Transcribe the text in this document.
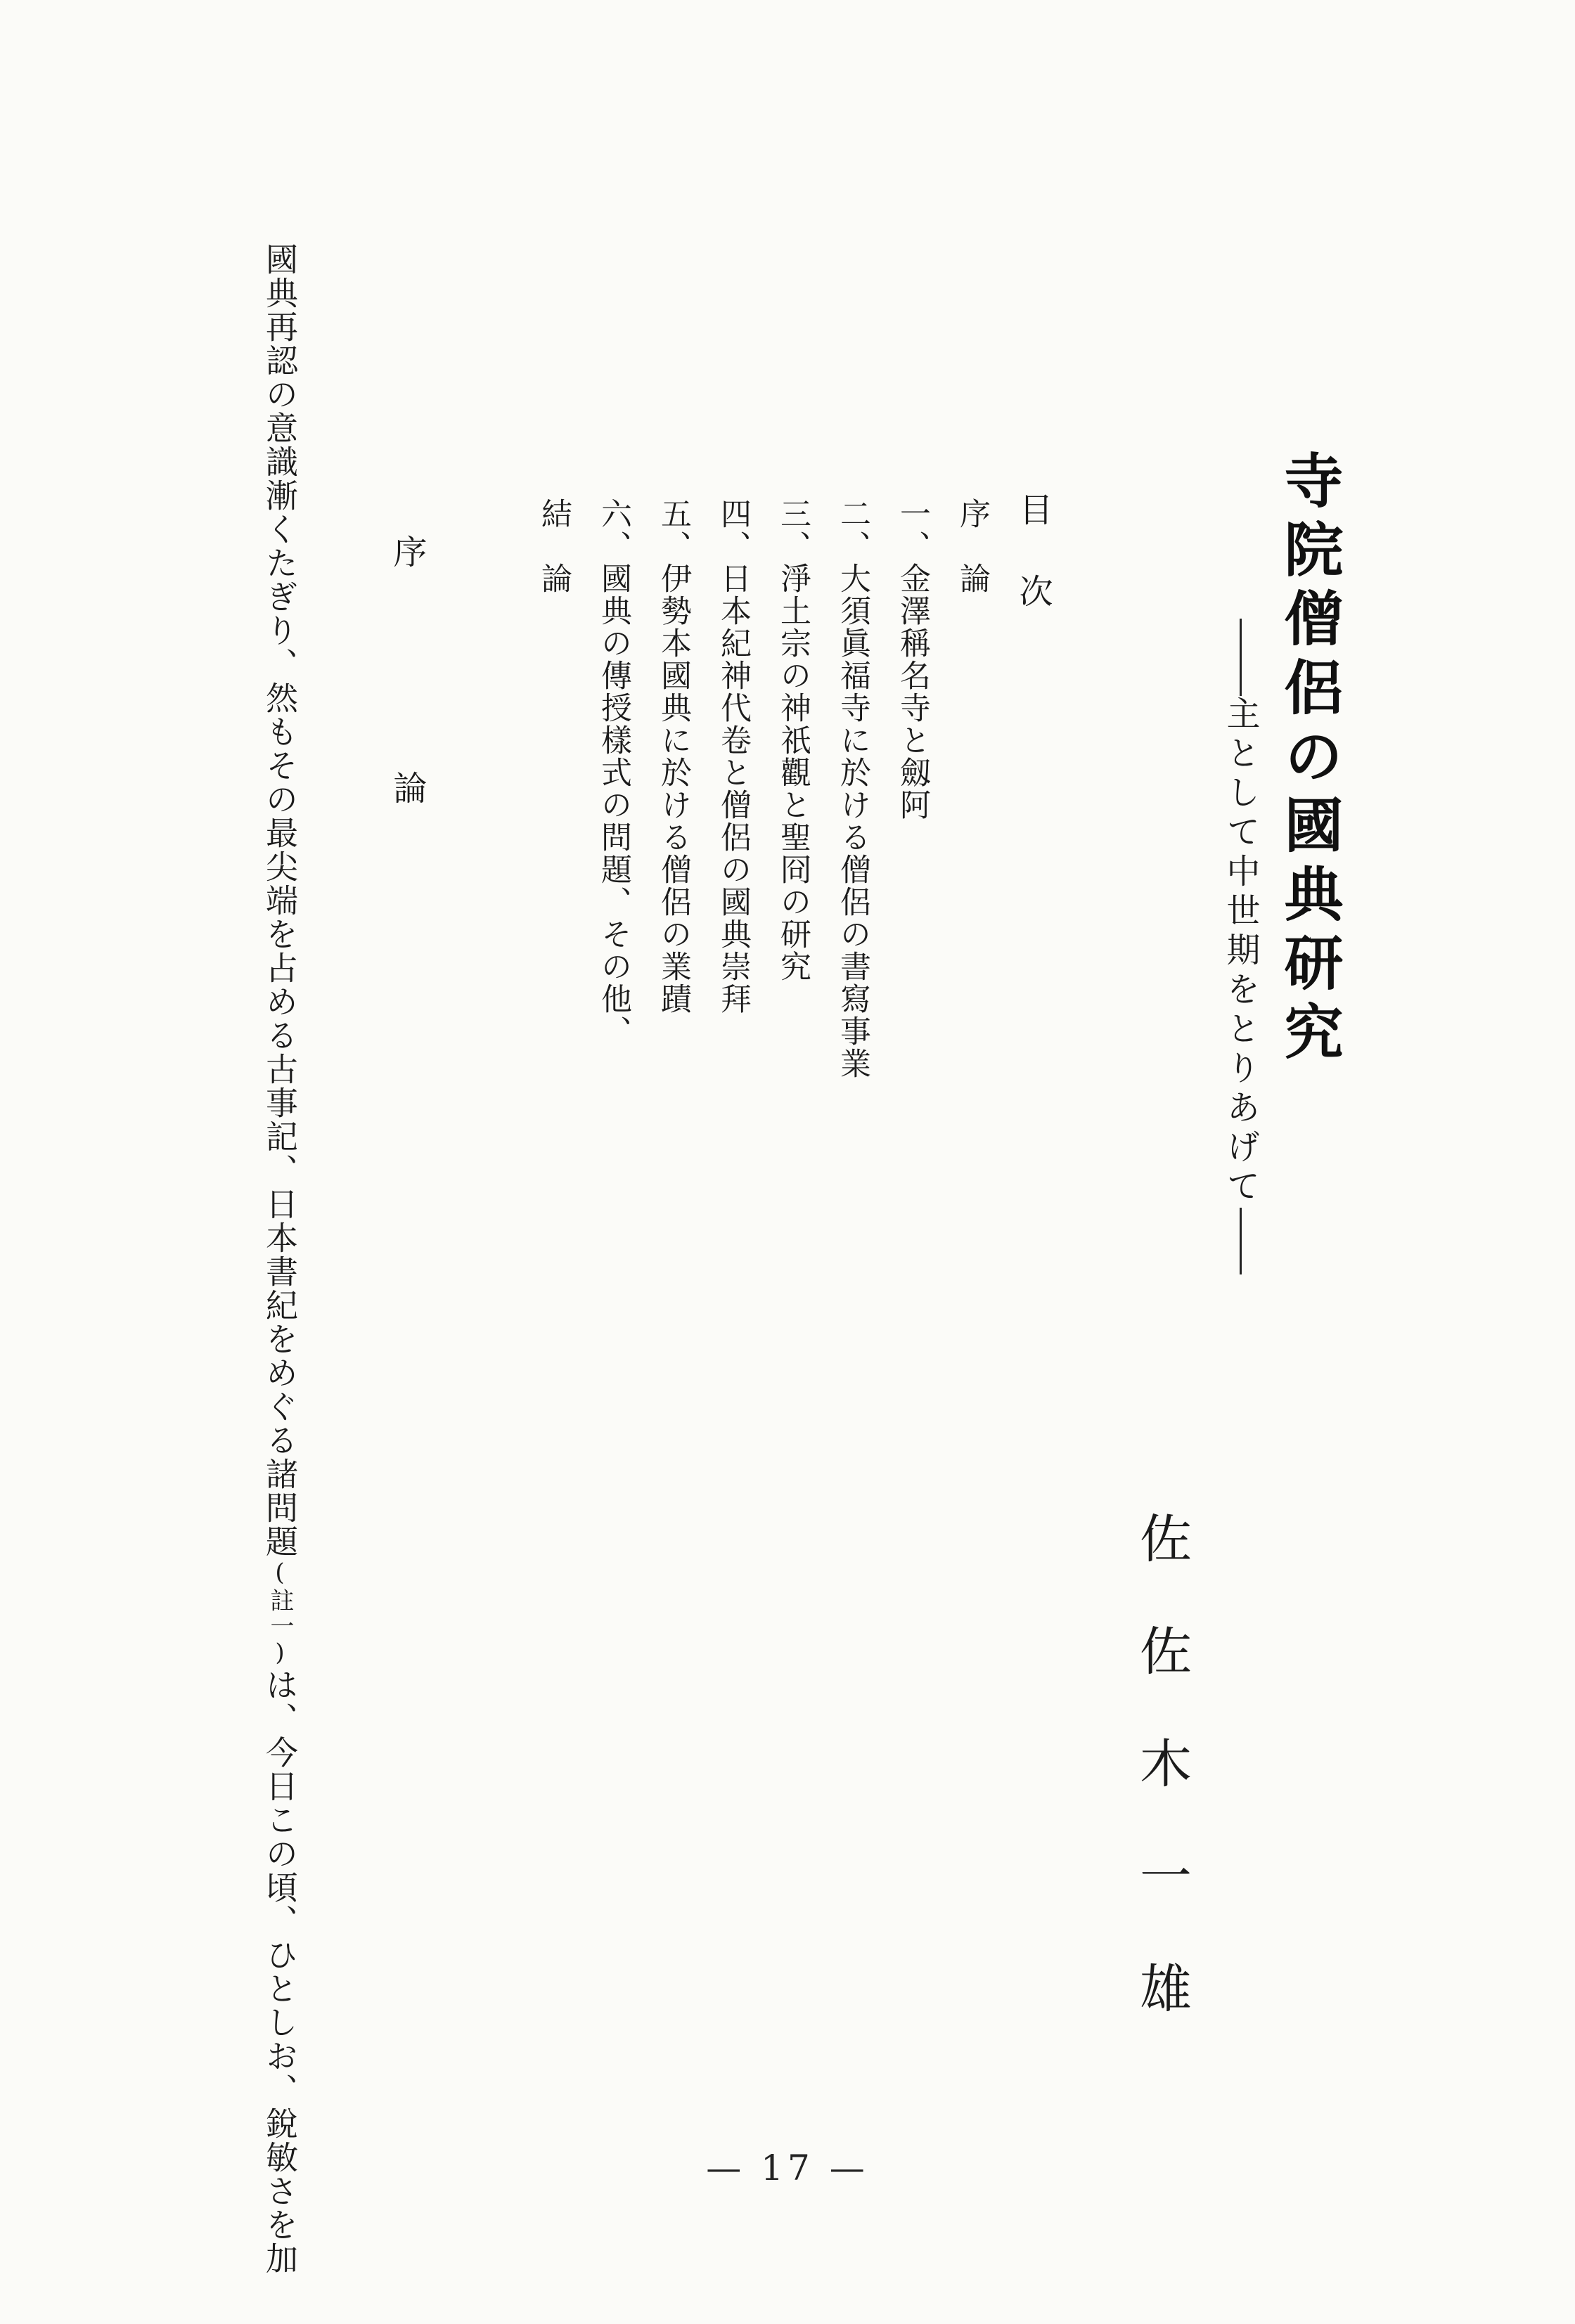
寺院僧侶の國典研究
主として中世期をとりあげて
佐佐木一雄
目次
序　論
一、金澤稱名寺と劔阿
二、大須眞福寺に於ける僧侶の書寫事業
三、淨土宗の神祇觀と聖冏の研究
四、日本紀神代卷と僧侶の國典崇拜
五、伊勢本國典に於ける僧侶の業蹟
六、國典の傳授樣式の問題、その他、
結　論
序　論
國典再認の意識漸くたぎり、然もその最尖端を占める古事記、日本書紀をめぐる諸問題(註一)は、今日この頃、ひとしお、銳敏さを加	— 17 —
